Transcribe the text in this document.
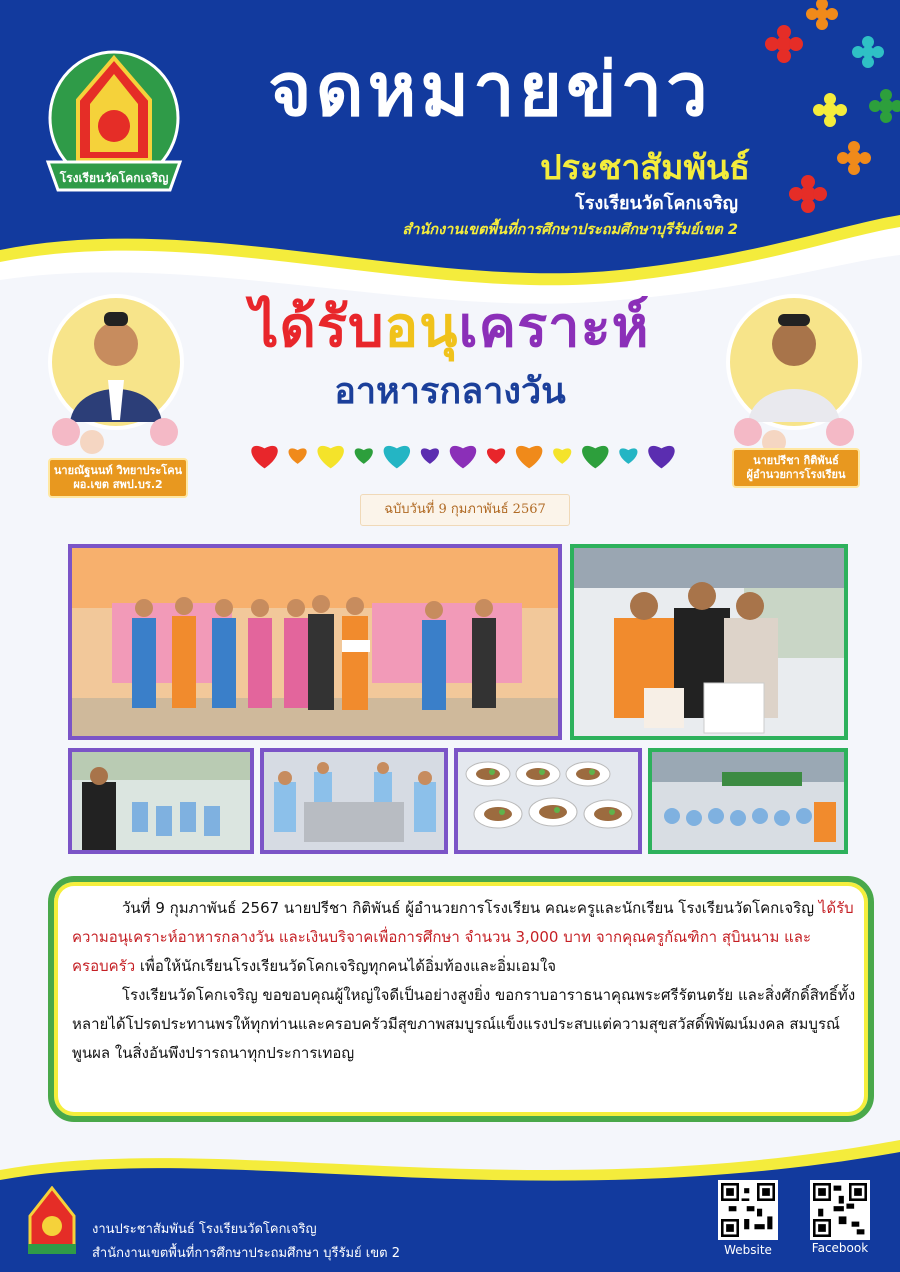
โรงเรียนวัดโคกเจริญ
จดหมายข่าว
ประชาสัมพันธ์
โรงเรียนวัดโคกเจริญ
สำนักงานเขตพื้นที่การศึกษาประถมศึกษาบุรีรัมย์เขต 2
ได้รับอนุเคราะห์
อาหารกลางวัน
ฉบับวันที่ 9 กุมภาพันธ์ 2567
นายณัฐนนท์ วิทยาประโคน
ผอ.เขต สพป.บร.2
นายปรีชา กิติพันธ์
ผู้อำนวยการโรงเรียน

วันที่ 9 กุมภาพันธ์ 2567 นายปรีชา กิติพันธ์ ผู้อำนวยการโรงเรียน คณะครูและนักเรียน โรงเรียนวัดโคกเจริญ ได้รับความอนุเคราะห์อาหารกลางวัน และเงินบริจาคเพื่อการศึกษา จำนวน 3,000 บาท จากคุณครูกัณฑิกา สุบินนาม และครอบครัว เพื่อให้นักเรียนโรงเรียนวัดโคกเจริญทุกคนได้อิ่มท้องและอิ่มเอมใจ

โรงเรียนวัดโคกเจริญ ขอขอบคุณผู้ใหญ่ใจดีเป็นอย่างสูงยิ่ง ขอกราบอาราธนาคุณพระศรีรัตนตรัย และสิ่งศักดิ์สิทธิ์ทั้งหลายได้โปรดประทานพรให้ทุกท่านและครอบครัวมีสุขภาพสมบูรณ์แข็งแรงประสบแต่ความสุขสวัสดิ์พิพัฒน์มงคล สมบูรณ์พูนผล ในสิ่งอันพึงปรารถนาทุกประการเทอญ

งานประชาสัมพันธ์ โรงเรียนวัดโคกเจริญ
สำนักงานเขตพื้นที่การศึกษาประถมศึกษา บุรีรัมย์ เขต 2	Website	Facebook
